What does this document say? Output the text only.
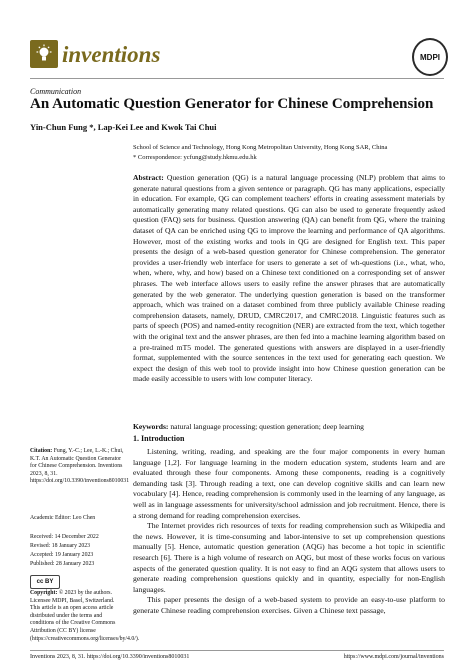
inventions	MDPI
Communication
An Automatic Question Generator for Chinese Comprehension
Yin-Chun Fung *, Lap-Kei Lee and Kwok Tai Chui
School of Science and Technology, Hong Kong Metropolitan University, Hong Kong SAR, China
* Correspondence: ycfung@study.hkmu.edu.hk
Abstract: Question generation (QG) is a natural language processing (NLP) problem that aims to generate natural questions from a given sentence or paragraph. QG has many applications, especially in education. For example, QG can complement teachers' efforts in creating assessment materials by automatically generating many related questions. QG can also be used to generate frequently asked question (FAQ) sets for business. Question answering (QA) can benefit from QG, where the training dataset of QA can be enriched using QG to improve the learning and performance of QA algorithms. However, most of the existing works and tools in QG are designed for English text. This paper presents the design of a web-based question generator for Chinese comprehension. The generator provides a user-friendly web interface for users to generate a set of wh-questions (i.e., what, who, when, where, why, and how) based on a Chinese text conditioned on a corresponding set of answer phrases. The web interface allows users to easily refine the answer phrases that are automatically generated by the web generator. The underlying question generation is based on the transformer approach, which was trained on a dataset combined from three publicly available Chinese reading comprehension datasets, namely, DRUD, CMRC2017, and CMRC2018. Linguistic features such as parts of speech (POS) and named-entity recognition (NER) are extracted from the text, which together with the original text and the answer phrases, are then fed into a machine learning algorithm based on a pre-trained mT5 model. The generated questions with answers are displayed in a user-friendly format, supplemented with the source sentences in the text used for generating each question. We expect the design of this web tool to provide insight into how Chinese question generation can be made easily accessible to users with low computer literacy.
Keywords: natural language processing; question generation; deep learning
1. Introduction

Listening, writing, reading, and speaking are the four major components in every human language [1,2]. For language learning in the modern education system, students learn and are evaluated through these four components. Among these components, reading is a cognitively demanding task [3]. Through reading a text, one can develop cognitive skills and can learn new vocabulary [4]. Hence, reading comprehension is commonly used in the learning of any language, as well as in language assessments for university/school admission and job recruitment. Hence, there is a strong demand for reading comprehension exercises.

The Internet provides rich resources of texts for reading comprehension such as Wikipedia and the news. However, it is time-consuming and labor-intensive to set up comprehension questions manually [5]. Hence, automatic question generation (AQG) has become a hot topic in scientific research [6]. There is a high volume of research on AQG, but most of these works focus on various aspects of the generated question quality. It is not easy to find an AQG system that allows users to generate reading comprehension questions quickly and in quantity, especially for non-English languages.

This paper presents the design of a web-based system to provide an easy-to-use platform to generate Chinese reading comprehension exercises. Given a Chinese text passage,

Citation: Fung, Y.-C.; Lee, L.-K.; Chui, K.T. An Automatic Question Generator for Chinese Comprehension. Inventions 2023, 8, 31. https://doi.org/10.3390/inventions8010031
Academic Editor: Leo Chen
Received: 14 December 2022
Revised: 18 January 2023
Accepted: 19 January 2023
Published: 28 January 2023
cc BY
Copyright: © 2023 by the authors. Licensee MDPI, Basel, Switzerland. This article is an open access article distributed under the terms and conditions of the Creative Commons Attribution (CC BY) license (https://creativecommons.org/licenses/by/4.0/).
Inventions 2023, 8, 31. https://doi.org/10.3390/inventions8010031	https://www.mdpi.com/journal/inventions
